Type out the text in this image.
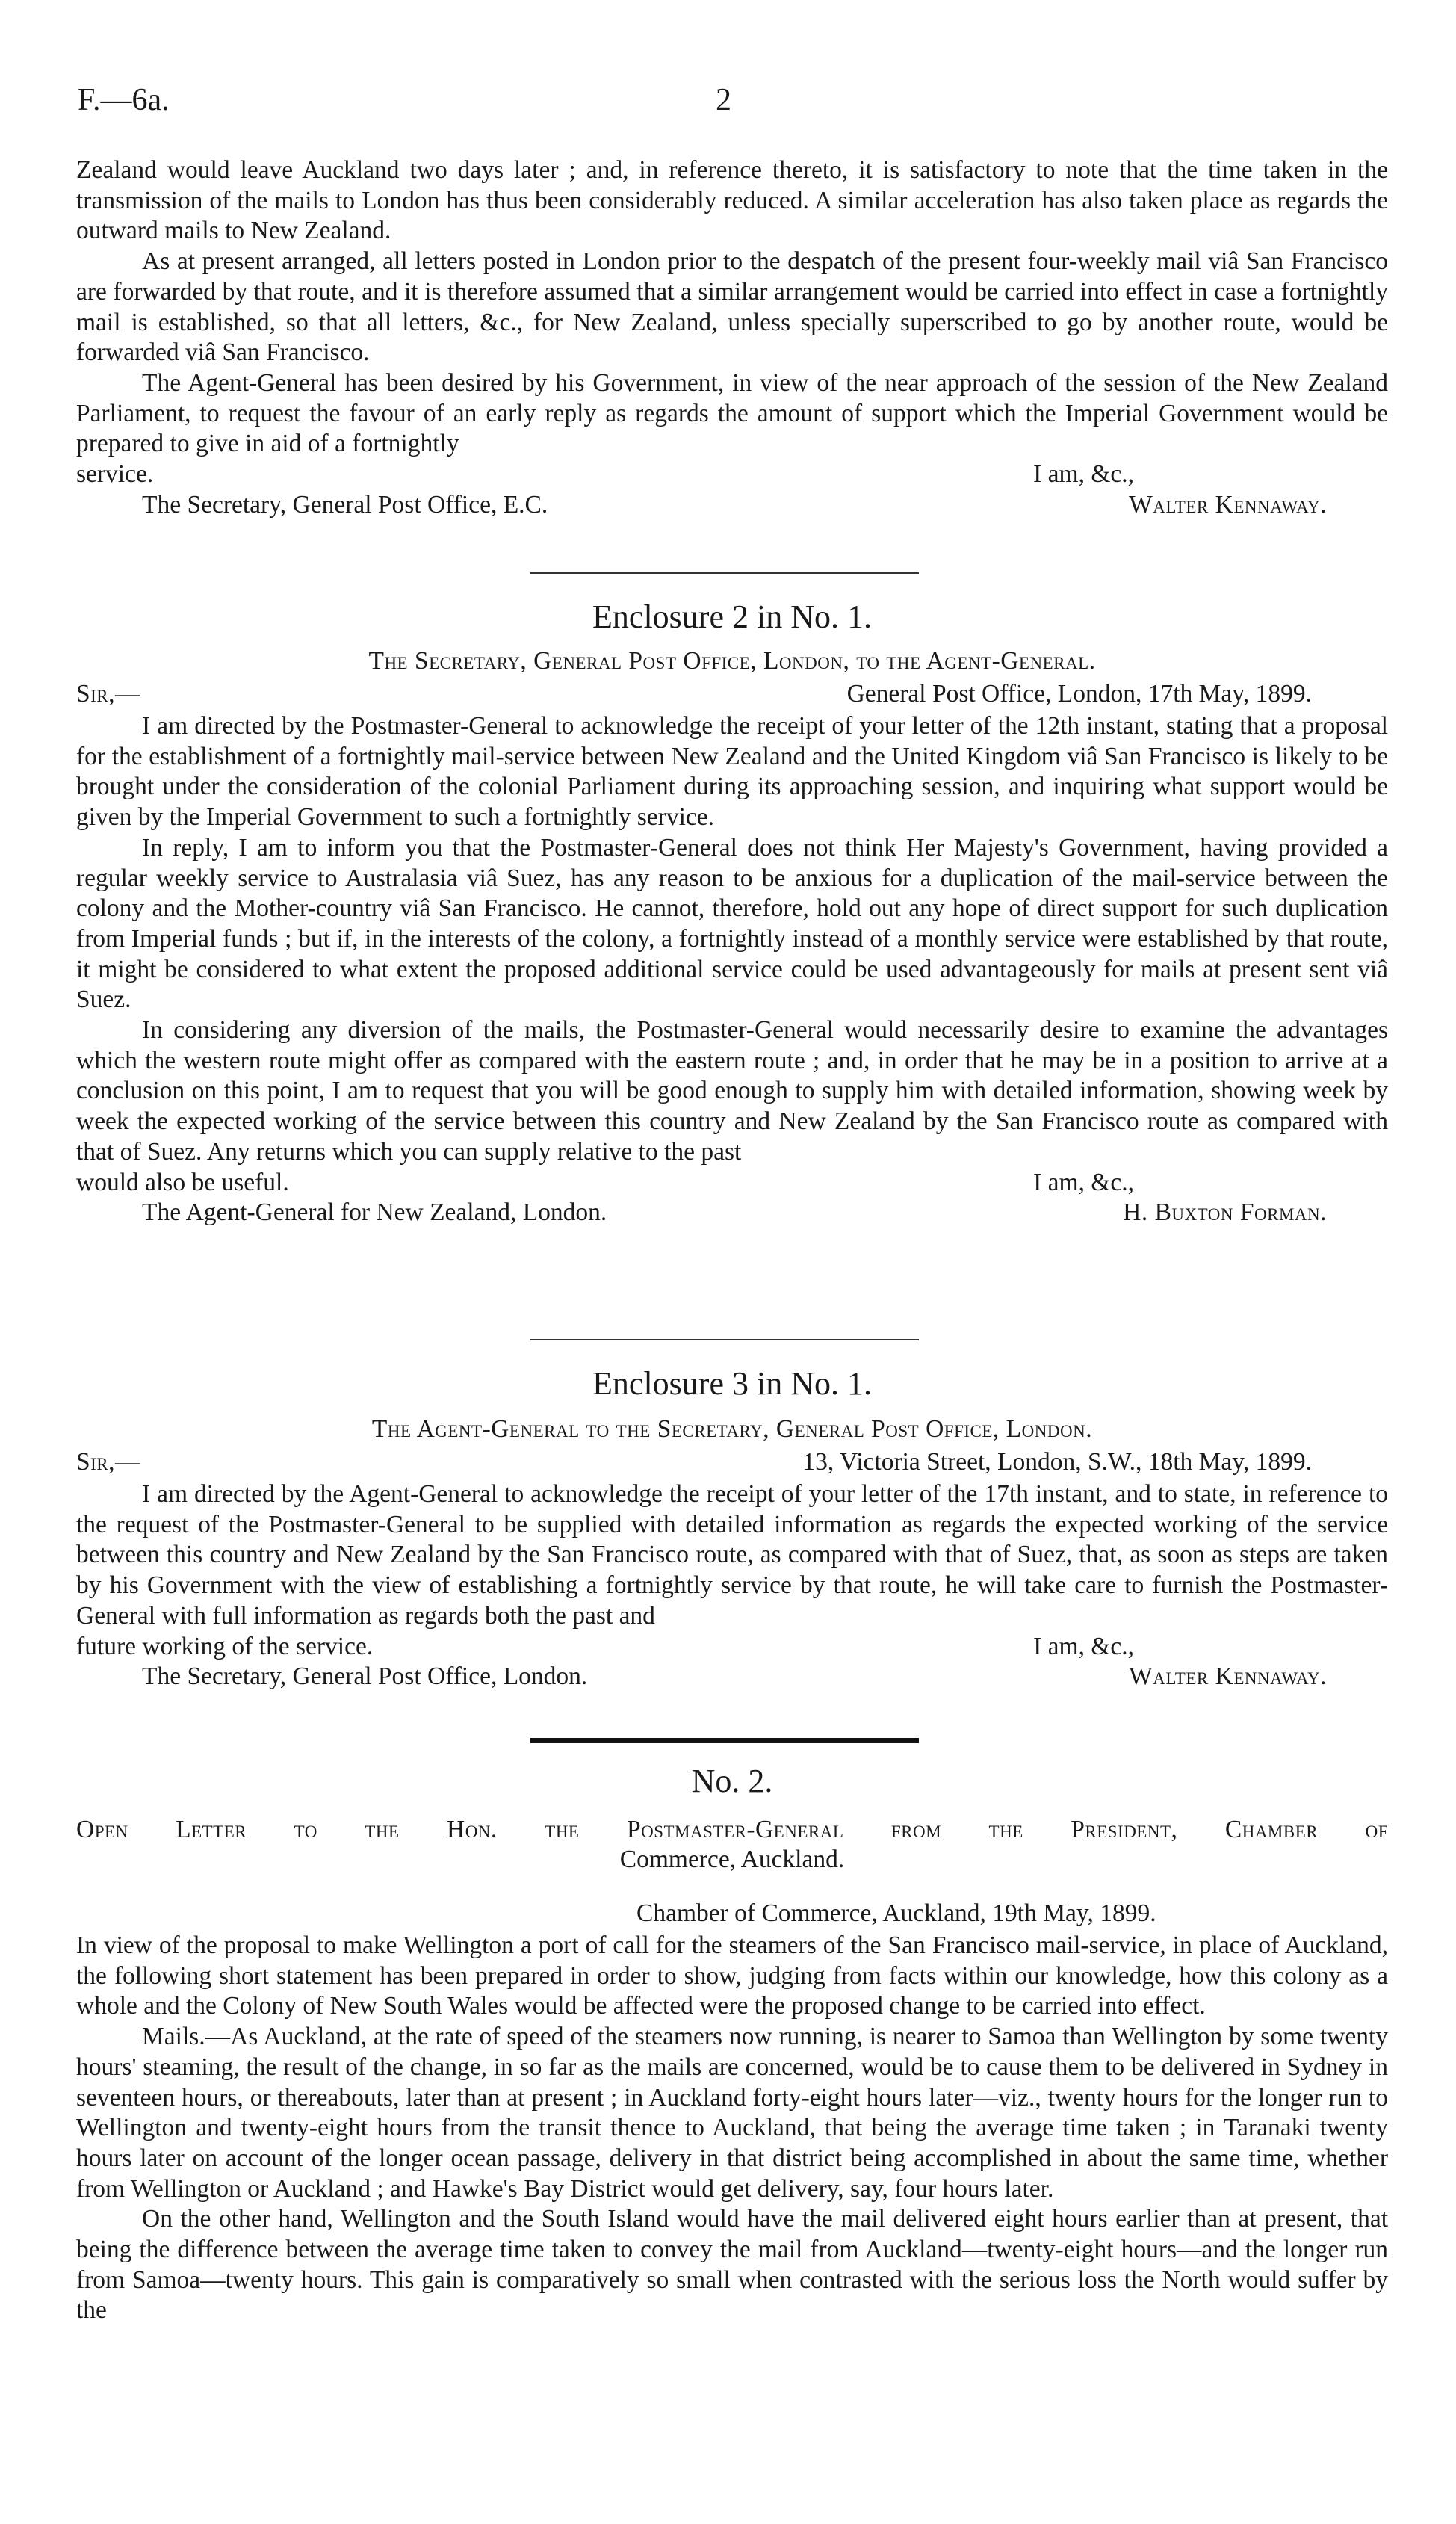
F.—6a.	2

Zealand would leave Auckland two days later ; and, in reference thereto, it is satisfactory to note that the time taken in the transmission of the mails to London has thus been considerably reduced. A similar acceleration has also taken place as regards the outward mails to New Zealand.

As at present arranged, all letters posted in London prior to the despatch of the present four-weekly mail viâ San Francisco are forwarded by that route, and it is therefore assumed that a similar arrangement would be carried into effect in case a fortnightly mail is established, so that all letters, &c., for New Zealand, unless specially superscribed to go by another route, would be forwarded viâ San Francisco.

The Agent-General has been desired by his Government, in view of the near approach of the session of the New Zealand Parliament, to request the favour of an early reply as regards the amount of support which the Imperial Government would be prepared to give in aid of a fortnightly

service.	I am, &c.,
The Secretary, General Post Office, E.C.	Walter Kennaway.
Enclosure 2 in No. 1.
The Secretary, General Post Office, London, to the Agent-General.
Sir,—	General Post Office, London, 17th May, 1899.

I am directed by the Postmaster-General to acknowledge the receipt of your letter of the 12th instant, stating that a proposal for the establishment of a fortnightly mail-service between New Zealand and the United Kingdom viâ San Francisco is likely to be brought under the consideration of the colonial Parliament during its approaching session, and inquiring what support would be given by the Imperial Government to such a fortnightly service.

In reply, I am to inform you that the Postmaster-General does not think Her Majesty's Government, having provided a regular weekly service to Australasia viâ Suez, has any reason to be anxious for a duplication of the mail-service between the colony and the Mother-country viâ San Francisco. He cannot, therefore, hold out any hope of direct support for such duplication from Imperial funds ; but if, in the interests of the colony, a fortnightly instead of a monthly service were established by that route, it might be considered to what extent the proposed additional service could be used advantageously for mails at present sent viâ Suez.

In considering any diversion of the mails, the Postmaster-General would necessarily desire to examine the advantages which the western route might offer as compared with the eastern route ; and, in order that he may be in a position to arrive at a conclusion on this point, I am to request that you will be good enough to supply him with detailed information, showing week by week the expected working of the service between this country and New Zealand by the San Francisco route as compared with that of Suez. Any returns which you can supply relative to the past

would also be useful.	I am, &c.,
The Agent-General for New Zealand, London.	H. Buxton Forman.
Enclosure 3 in No. 1.
The Agent-General to the Secretary, General Post Office, London.
Sir,—	13, Victoria Street, London, S.W., 18th May, 1899.

I am directed by the Agent-General to acknowledge the receipt of your letter of the 17th instant, and to state, in reference to the request of the Postmaster-General to be supplied with detailed information as regards the expected working of the service between this country and New Zealand by the San Francisco route, as compared with that of Suez, that, as soon as steps are taken by his Government with the view of establishing a fortnightly service by that route, he will take care to furnish the Postmaster-General with full information as regards both the past and

future working of the service.	I am, &c.,
The Secretary, General Post Office, London.	Walter Kennaway.
No. 2.
Open Letter to the Hon. the Postmaster-General from the President, Chamber of
Commerce, Auckland.
Chamber of Commerce, Auckland, 19th May, 1899.

In view of the proposal to make Wellington a port of call for the steamers of the San Francisco mail-service, in place of Auckland, the following short statement has been prepared in order to show, judging from facts within our knowledge, how this colony as a whole and the Colony of New South Wales would be affected were the proposed change to be carried into effect.

Mails.—As Auckland, at the rate of speed of the steamers now running, is nearer to Samoa than Wellington by some twenty hours' steaming, the result of the change, in so far as the mails are concerned, would be to cause them to be delivered in Sydney in seventeen hours, or thereabouts, later than at present ; in Auckland forty-eight hours later—viz., twenty hours for the longer run to Wellington and twenty-eight hours from the transit thence to Auckland, that being the average time taken ; in Taranaki twenty hours later on account of the longer ocean passage, delivery in that district being accomplished in about the same time, whether from Wellington or Auckland ; and Hawke's Bay District would get delivery, say, four hours later.

On the other hand, Wellington and the South Island would have the mail delivered eight hours earlier than at present, that being the difference between the average time taken to convey the mail from Auckland—twenty-eight hours—and the longer run from Samoa—twenty hours. This gain is comparatively so small when contrasted with the serious loss the North would suffer by the
